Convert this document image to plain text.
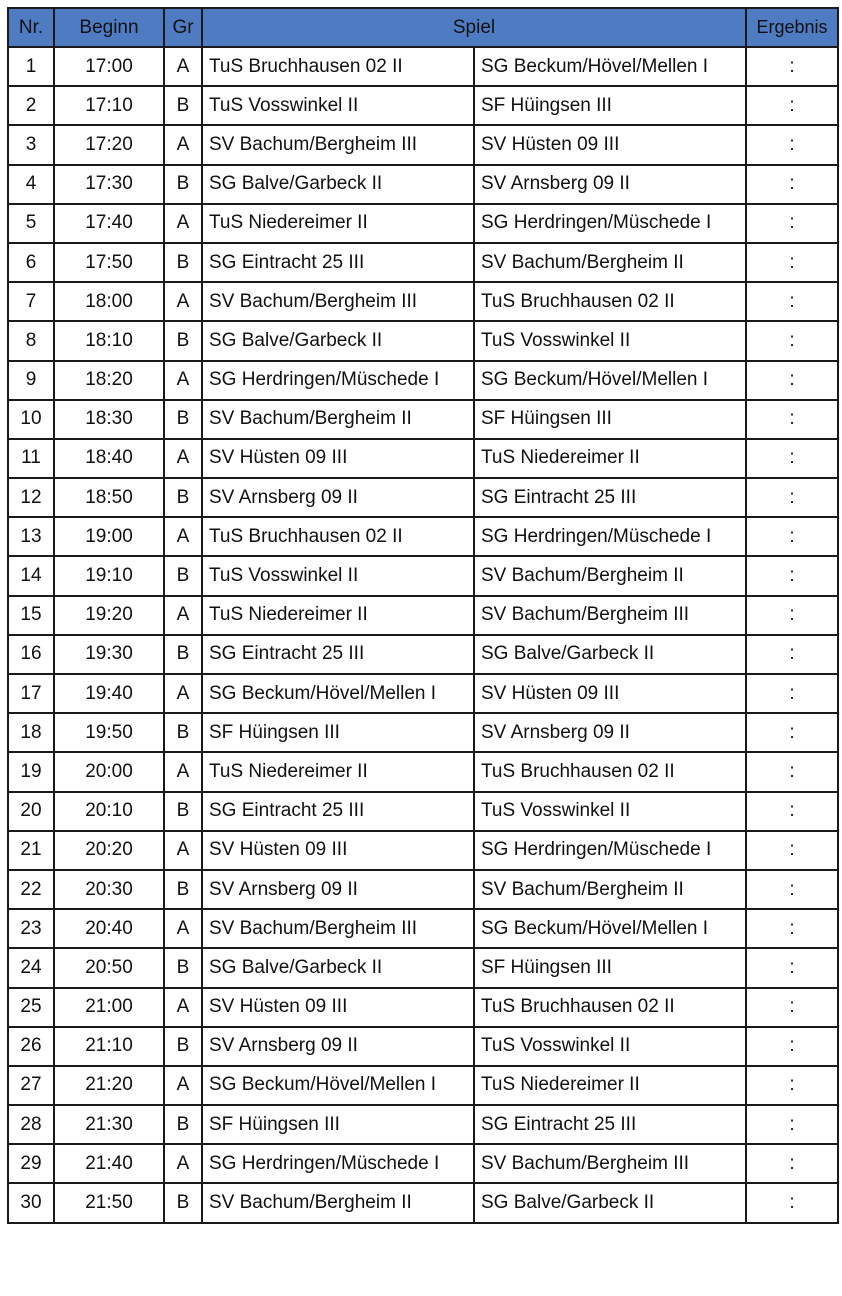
Nr.	Beginn	Gr	Spiel		Ergebnis
1	17:00	A	TuS Bruchhausen 02 II	SG Beckum/Hövel/Mellen I	:
2	17:10	B	TuS Vosswinkel II	SF Hüingsen III	:
3	17:20	A	SV Bachum/Bergheim III	SV Hüsten 09 III	:
4	17:30	B	SG Balve/Garbeck II	SV Arnsberg 09 II	:
5	17:40	A	TuS Niedereimer II	SG Herdringen/Müschede I	:
6	17:50	B	SG Eintracht 25 III	SV Bachum/Bergheim II	:
7	18:00	A	SV Bachum/Bergheim III	TuS Bruchhausen 02 II	:
8	18:10	B	SG Balve/Garbeck II	TuS Vosswinkel II	:
9	18:20	A	SG Herdringen/Müschede I	SG Beckum/Hövel/Mellen I	:
10	18:30	B	SV Bachum/Bergheim II	SF Hüingsen III	:
11	18:40	A	SV Hüsten 09 III	TuS Niedereimer II	:
12	18:50	B	SV Arnsberg 09 II	SG Eintracht 25 III	:
13	19:00	A	TuS Bruchhausen 02 II	SG Herdringen/Müschede I	:
14	19:10	B	TuS Vosswinkel II	SV Bachum/Bergheim II	:
15	19:20	A	TuS Niedereimer II	SV Bachum/Bergheim III	:
16	19:30	B	SG Eintracht 25 III	SG Balve/Garbeck II	:
17	19:40	A	SG Beckum/Hövel/Mellen I	SV Hüsten 09 III	:
18	19:50	B	SF Hüingsen III	SV Arnsberg 09 II	:
19	20:00	A	TuS Niedereimer II	TuS Bruchhausen 02 II	:
20	20:10	B	SG Eintracht 25 III	TuS Vosswinkel II	:
21	20:20	A	SV Hüsten 09 III	SG Herdringen/Müschede I	:
22	20:30	B	SV Arnsberg 09 II	SV Bachum/Bergheim II	:
23	20:40	A	SV Bachum/Bergheim III	SG Beckum/Hövel/Mellen I	:
24	20:50	B	SG Balve/Garbeck II	SF Hüingsen III	:
25	21:00	A	SV Hüsten 09 III	TuS Bruchhausen 02 II	:
26	21:10	B	SV Arnsberg 09 II	TuS Vosswinkel II	:
27	21:20	A	SG Beckum/Hövel/Mellen I	TuS Niedereimer II	:
28	21:30	B	SF Hüingsen III	SG Eintracht 25 III	:
29	21:40	A	SG Herdringen/Müschede I	SV Bachum/Bergheim III	:
30	21:50	B	SV Bachum/Bergheim II	SG Balve/Garbeck II	:
